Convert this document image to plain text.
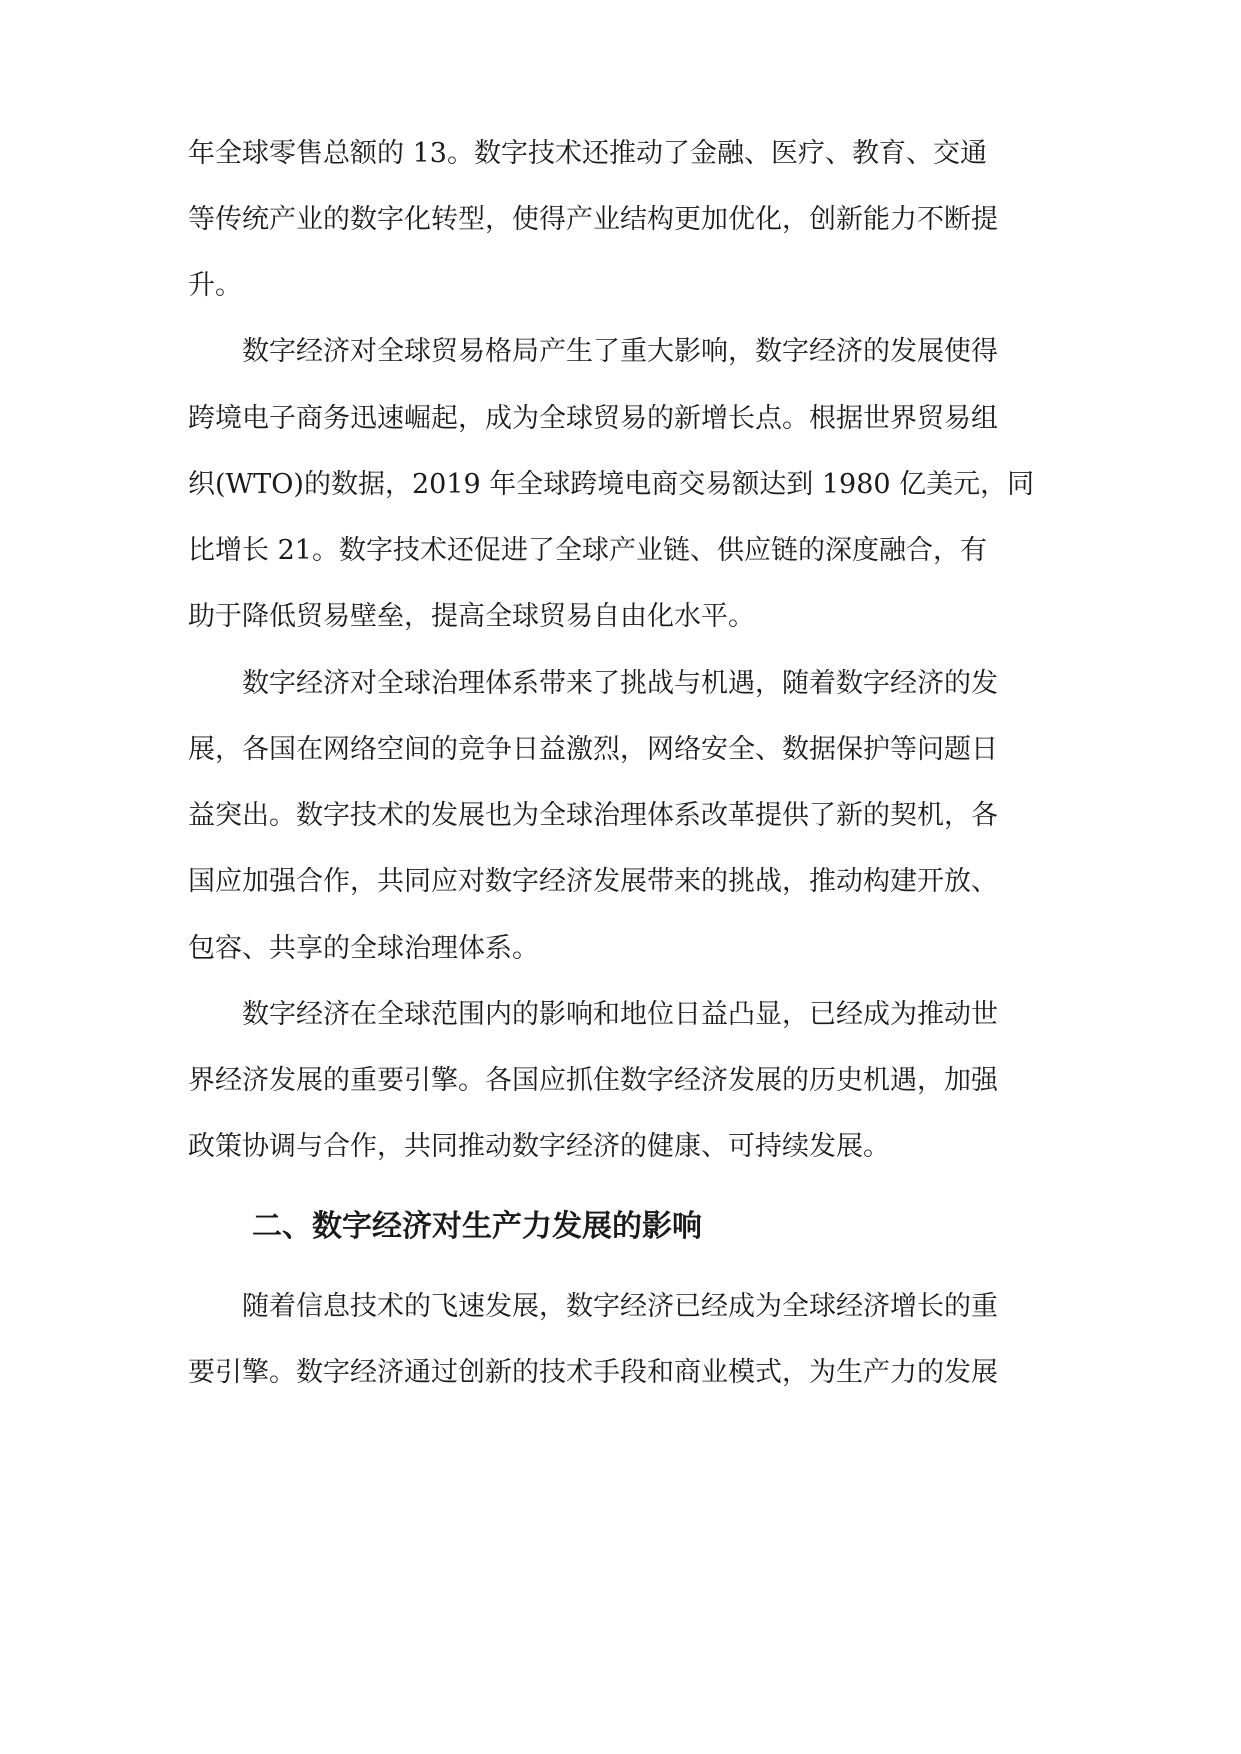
年全球零售总额的 13。数字技术还推动了金融、医疗、教育、交通
等传统产业的数字化转型，使得产业结构更加优化，创新能力不断提
升。
　　数字经济对全球贸易格局产生了重大影响，数字经济的发展使得
跨境电子商务迅速崛起，成为全球贸易的新增长点。根据世界贸易组
织(WTO)的数据，2019 年全球跨境电商交易额达到 1980 亿美元，同
比增长 21。数字技术还促进了全球产业链、供应链的深度融合，有
助于降低贸易壁垒，提高全球贸易自由化水平。
　　数字经济对全球治理体系带来了挑战与机遇，随着数字经济的发
展，各国在网络空间的竞争日益激烈，网络安全、数据保护等问题日
益突出。数字技术的发展也为全球治理体系改革提供了新的契机，各
国应加强合作，共同应对数字经济发展带来的挑战，推动构建开放、
包容、共享的全球治理体系。
　　数字经济在全球范围内的影响和地位日益凸显，已经成为推动世
界经济发展的重要引擎。各国应抓住数字经济发展的历史机遇，加强
政策协调与合作，共同推动数字经济的健康、可持续发展。
二、数字经济对生产力发展的影响
　　随着信息技术的飞速发展，数字经济已经成为全球经济增长的重
要引擎。数字经济通过创新的技术手段和商业模式，为生产力的发展
